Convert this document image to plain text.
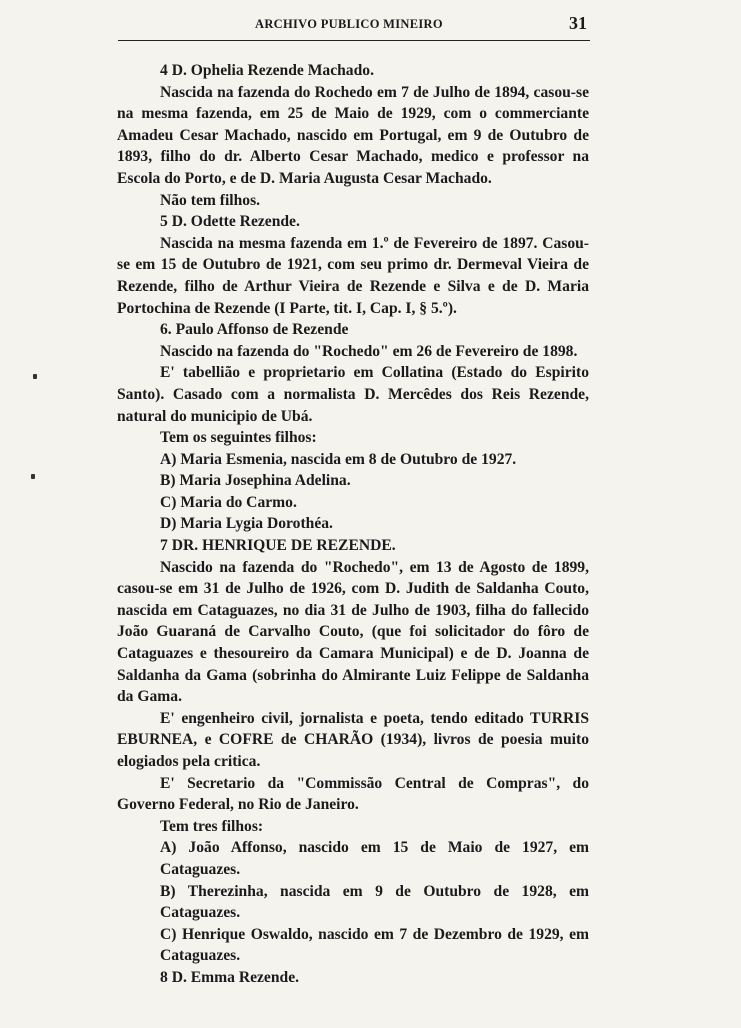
ARCHIVO PUBLICO MINEIRO	31

4 D. Ophelia Rezende Machado.

Nascida na fazenda do Rochedo em 7 de Julho de 1894, casou-se na mesma fazenda, em 25 de Maio de 1929, com o commerciante Amadeu Cesar Machado, nascido em Portugal, em 9 de Outubro de 1893, filho do dr. Alberto Cesar Machado, medico e professor na Escola do Porto, e de D. Maria Augusta Cesar Machado.

Não tem filhos.

5 D. Odette Rezende.

Nascida na mesma fazenda em 1.º de Fevereiro de 1897. Casou-se em 15 de Outubro de 1921, com seu primo dr. Dermeval Vieira de Rezende, filho de Arthur Vieira de Rezende e Silva e de D. Maria Portochina de Rezende (I Parte, tit. I, Cap. I, § 5.º).

6. Paulo Affonso de Rezende

Nascido na fazenda do "Rochedo" em 26 de Fevereiro de 1898.

E' tabellião e proprietario em Collatina (Estado do Espirito Santo). Casado com a normalista D. Mercêdes dos Reis Rezende, natural do municipio de Ubá.

Tem os seguintes filhos:

A) Maria Esmenia, nascida em 8 de Outubro de 1927.

B) Maria Josephina Adelina.

C) Maria do Carmo.

D) Maria Lygia Dorothéa.

7 DR. HENRIQUE DE REZENDE.

Nascido na fazenda do "Rochedo", em 13 de Agosto de 1899, casou-se em 31 de Julho de 1926, com D. Judith de Saldanha Couto, nascida em Cataguazes, no dia 31 de Julho de 1903, filha do fallecido João Guaraná de Carvalho Couto, (que foi solicitador do fôro de Cataguazes e thesoureiro da Camara Municipal) e de D. Joanna de Saldanha da Gama (sobrinha do Almirante Luiz Felippe de Saldanha da Gama.

E' engenheiro civil, jornalista e poeta, tendo editado TURRIS EBURNEA, e COFRE de CHARÃO (1934), livros de poesia muito elogiados pela critica.

E' Secretario da "Commissão Central de Compras", do Governo Federal, no Rio de Janeiro.

Tem tres filhos:

A) João Affonso, nascido em 15 de Maio de 1927, em Cataguazes.

B) Therezinha, nascida em 9 de Outubro de 1928, em Cataguazes.

C) Henrique Oswaldo, nascido em 7 de Dezembro de 1929, em Cataguazes.

8 D. Emma Rezende.
